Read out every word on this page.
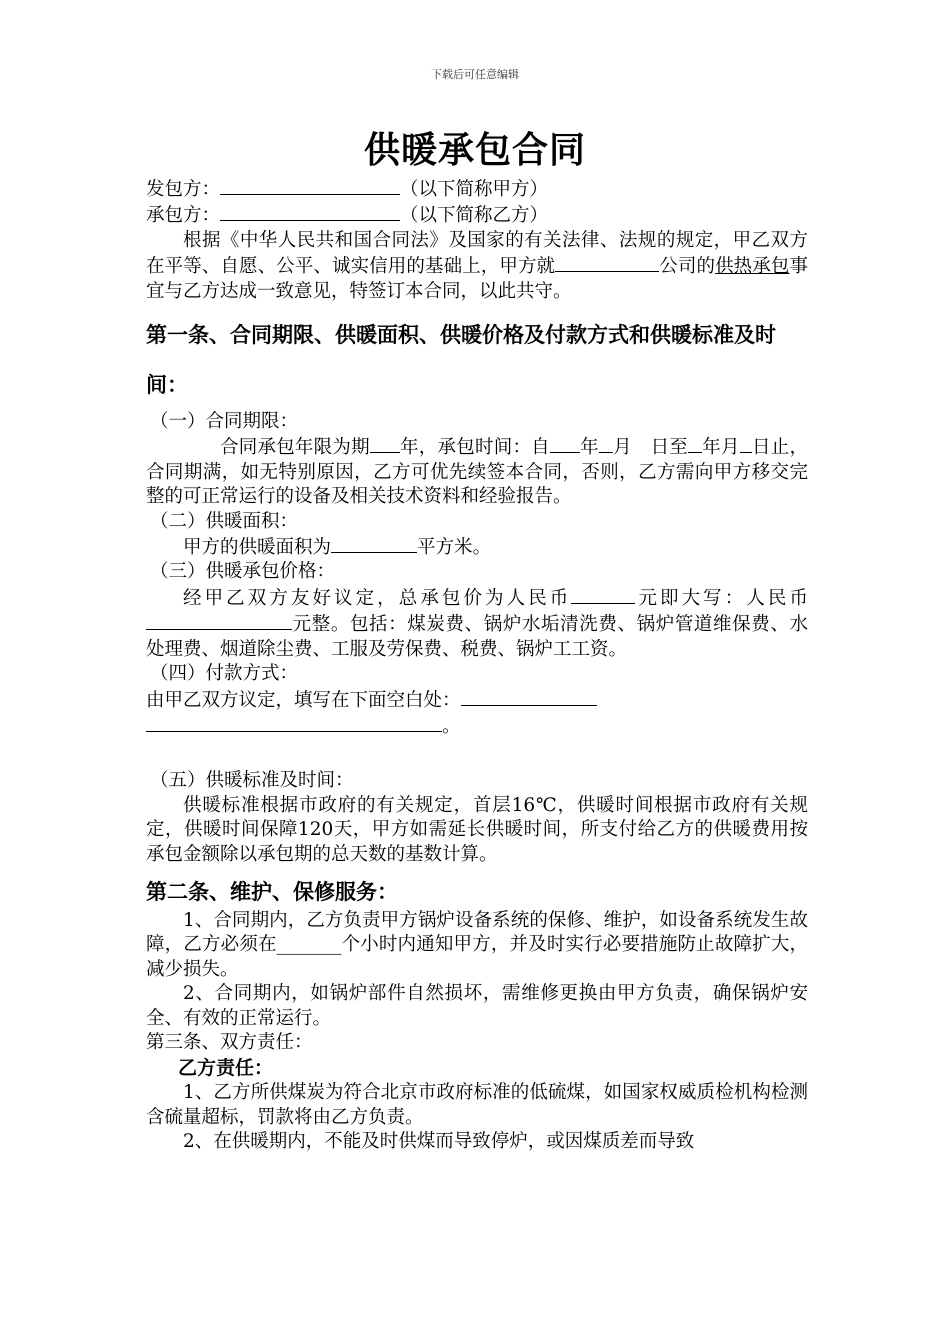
下载后可任意编辑
供暖承包合同

发包方：	（以下简称甲方）

承包方：	（以下简称乙方）

根据《中华人民共和国合同法》及国家的有关法律、法规的规定，甲乙双方在平等、自愿、公平、诚实信用的基础上，甲方就	公司的供热承包事宜与乙方达成一致意见，特签订本合同，以此共守。

第一条、合同期限、供暖面积、供暖价格及付款方式和供暖标准及时间：

（一）合同期限：

合同承包年限为期 年，承包时间：自 年 月　日至 年月 日止，合同期满，如无特别原因，乙方可优先续签本合同，否则，乙方需向甲方移交完整的可正常运行的设备及相关技术资料和经验报告。

（二）供暖面积：

甲方的供暖面积为	平方米。

（三）供暖承包价格：

经甲乙双方友好议定，总承包价为人民币	元即大写：人民币元整。包括：煤炭费、锅炉水垢清洗费、锅炉管道维保费、水处理费、烟道除尘费、工服及劳保费、税费、锅炉工工资。

（四）付款方式：

由甲乙双方议定，填写在下面空白处：

。

（五）供暖标准及时间：

供暖标准根据市政府的有关规定，首层16℃，供暖时间根据市政府有关规定，供暖时间保障120天，甲方如需延长供暖时间，所支付给乙方的供暖费用按承包金额除以承包期的总天数的基数计算。

第二条、维护、保修服务：

1、合同期内，乙方负责甲方锅炉设备系统的保修、维护，如设备系统发生故障，乙方必须在_______个小时内通知甲方，并及时实行必要措施防止故障扩大，减少损失。

2、合同期内，如锅炉部件自然损坏，需维修更换由甲方负责，确保锅炉安全、有效的正常运行。

第三条、双方责任：

乙方责任：

1、乙方所供煤炭为符合北京市政府标准的低硫煤，如国家权威质检机构检测含硫量超标，罚款将由乙方负责。

2、在供暖期内，不能及时供煤而导致停炉，或因煤质差而导致
